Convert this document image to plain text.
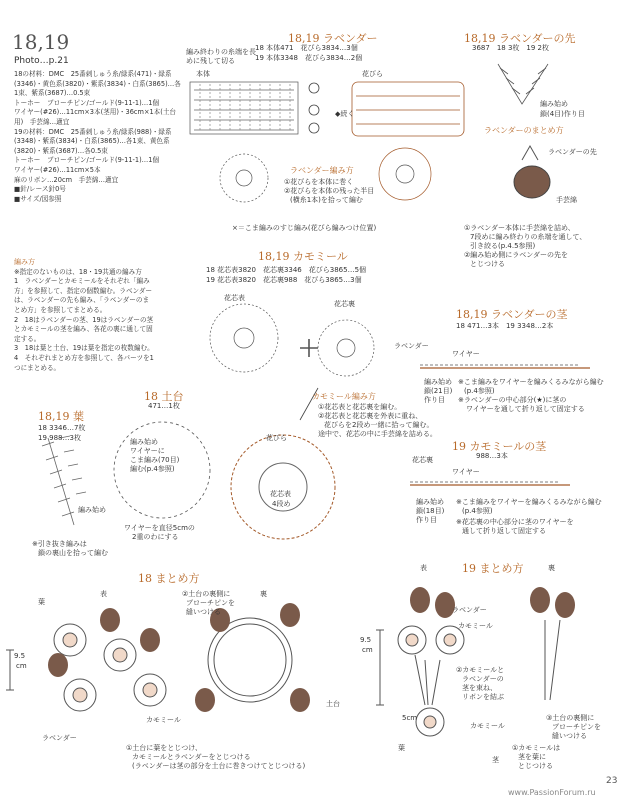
18,19
Photo…p.21
18の材料：DMC　25番刺しゅう糸/緑系(471)・緑系(3346)・黄色系(3820)・紫系(3834)・白系(3865)…各1束、紫系(3687)…0.5束
トーホー　ブローチピン/ゴールド(9-11-1)…1個
ワイヤー(#26)…11cm×3本(茎用)・36cm×1本(土台用)　手芸綿…適宜
19の材料：DMC　25番刺しゅう糸/緑系(988)・緑系(3348)・紫系(3834)・白系(3865)…各1束、黄色系(3820)・紫系(3687)…各0.5束
トーホー　ブローチピン/ゴールド(9-11-1)…1個
ワイヤー(#26)…11cm×5本
麻のリボン…20cm　手芸綿…適宜
■針/レース針0号
■サイズ/図参照
編み方
※指定のないものは、18・19共通の編み方
1　ラベンダーとカモミールをそれぞれ「編み
方」を参照して、指定の個数編む。ラベンダー
は、ラベンダーの先も編み、「ラベンダーのま
とめ方」を参照してまとめる。
2　18はラベンダーの茎、19はラベンダーの茎
とカモミールの茎を編み、各花の裏に通して固
定する。
3　18は葉と土台、19は葉を指定の枚数編む。
4　それぞれまとめ方を参照して、各パーツを1
つにまとめる。
18,19 ラベンダー
18 本体471　花びら3834…3個
19 本体3348　花びら3834…2個
編み終わりの糸端を長めに残して切る
本体	花びら
◆続く
ラベンダー編み方
①花びらを本体に巻く
②花びらを本体の残った半目
(横糸1本)を拾って編む
×＝こま編みのすじ編み(花びら編みつけ位置)
18,19 ラベンダーの先
3687　18 3枚　19 2枚
編み始め
鎖(4目)作り目
ラベンダーのまとめ方
ラベンダーの先
手芸綿
①ラベンダー本体に手芸綿を詰め、
7段めに編み終わりの糸端を通して、
引き絞る(p.4.5参照)
②編み始め側にラベンダーの先を
とじつける
18,19 カモミール
18 花芯表3820　花芯裏3346　花びら3865…5個
19 花芯表3820　花芯裏988　花びら3865…3個
花芯表
花芯裏
カモミール編み方
①花芯表と花芯裏を編む。
②花芯表と花芯裏を外表に重ね、
花びらを2段め一緒に拾って編む。
途中で、花芯の中に手芸綿を詰める。
花びら
花芯表
4段め
18,19 ラベンダーの茎
18 471…3本　19 3348…2本
ラベンダー
ワイヤー
編み始め
鎖(21目)
作り目
※こま編みをワイヤーを編みくるみながら編む
(p.4参照)
※ラベンダーの中心部分(★)に茎の
ワイヤーを通して折り返して固定する
19 カモミールの茎
988…3本
花芯裏
ワイヤー
編み始め
鎖(18目)
作り目
※こま編みをワイヤーを編みくるみながら編む
(p.4参照)
※花芯裏の中心部分に茎のワイヤーを
通して折り返して固定する
18,19 葉
18 3346…7枚
19 988…3枚
編み始め
※引き抜き編みは
鎖の裏山を拾って編む
18 土台
471…1枚
編み始め
ワイヤーに
こま編み(70目)
編む(p.4参照)
ワイヤーを直径5cmの
2重のわにする
18 まとめ方
表	裏
葉
9.5
cm
カモミール
ラベンダー
②土台の裏側に
ブローチピンを
縫いつける
土台
①土台に葉をとじつけ、
カモミールとラベンダーをとじつける
(ラベンダーは茎の部分を土台に巻きつけてとじつける)
19 まとめ方
表	裏
ラベンダー
カモミール
9.5
cm
5cm
②カモミールと
ラベンダーの
茎を束ね、
リボンを結ぶ
③土台の裏側に
ブローチピンを
縫いつける
葉
茎
カモミール
①カモミールは
茎を葉に
とじつける
23
www.PassionForum.ru
